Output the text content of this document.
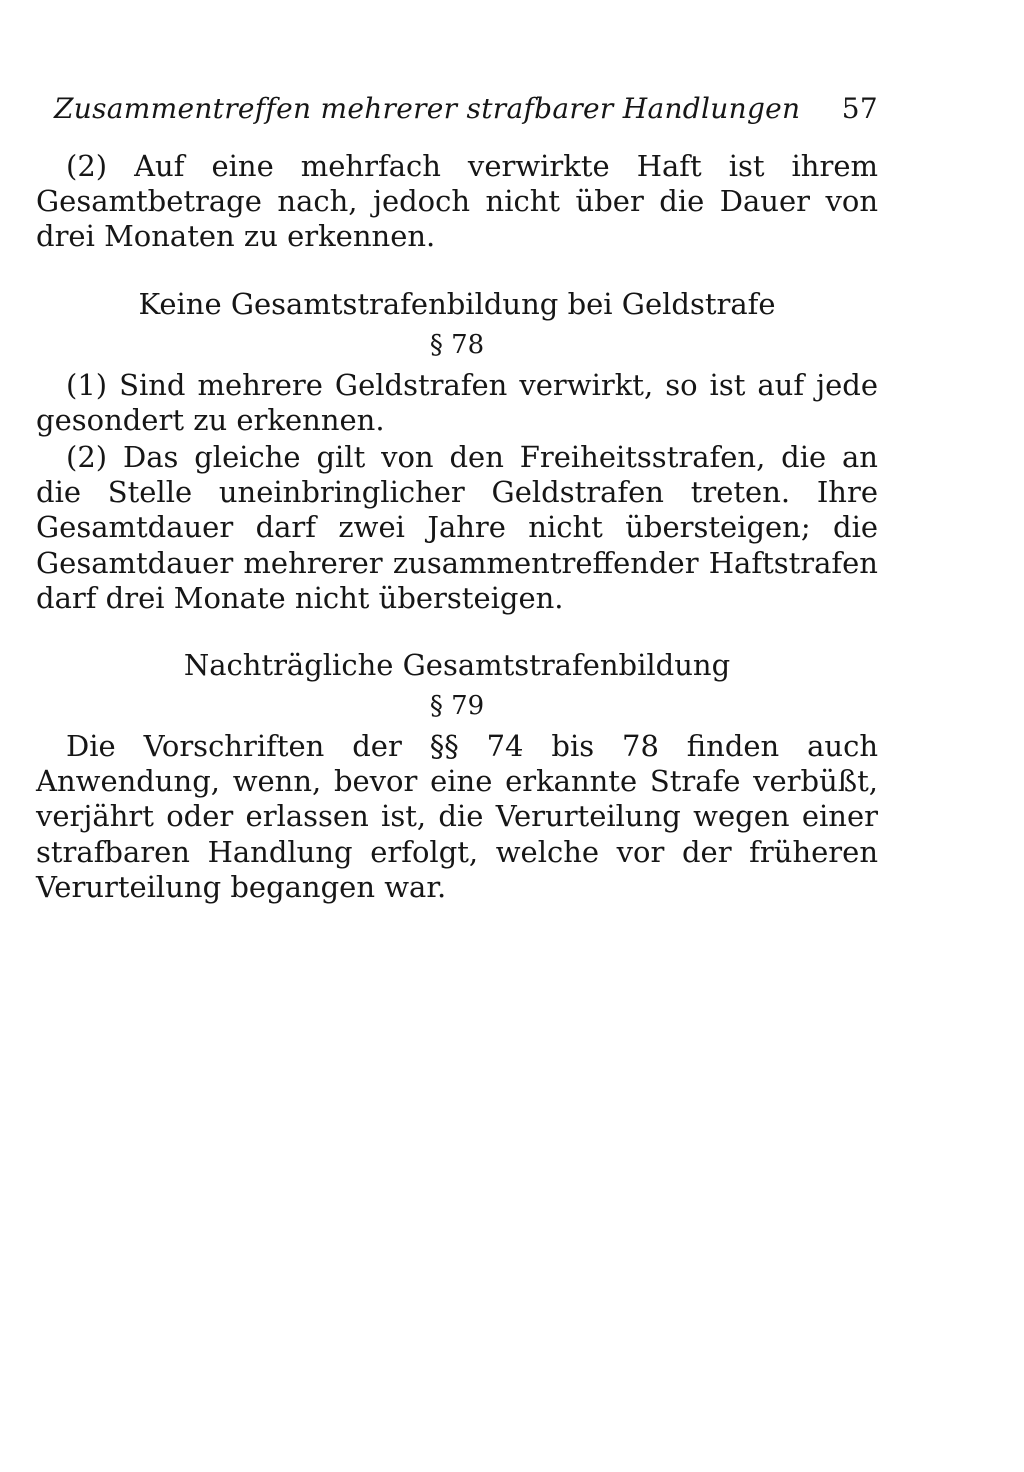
Zusammentreffen mehrerer strafbarer Handlungen 57

(2) Auf eine mehrfach verwirkte Haft ist ihrem Gesamtbetrage nach, jedoch nicht über die Dauer von drei Monaten zu erkennen.

Keine Gesamtstrafenbildung bei Geldstrafe

§ 78

(1) Sind mehrere Geldstrafen verwirkt, so ist auf jede gesondert zu erkennen.

(2) Das gleiche gilt von den Freiheitsstrafen, die an die Stelle uneinbringlicher Geldstrafen treten. Ihre Gesamtdauer darf zwei Jahre nicht übersteigen; die Gesamtdauer mehrerer zusammentreffender Haftstrafen darf drei Monate nicht übersteigen.

Nachträgliche Gesamtstrafenbildung

§ 79

Die Vorschriften der §§ 74 bis 78 finden auch Anwendung, wenn, bevor eine erkannte Strafe verbüßt, verjährt oder erlassen ist, die Verurteilung wegen einer strafbaren Handlung erfolgt, welche vor der früheren Verurteilung begangen war.
